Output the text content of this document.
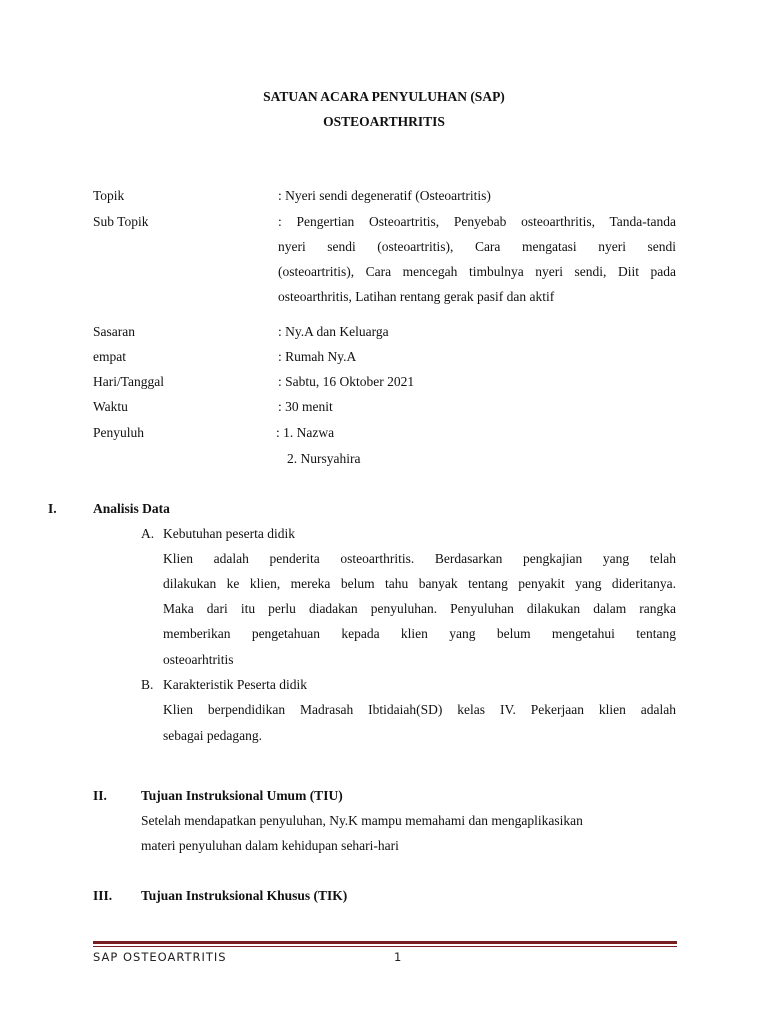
SATUAN ACARA PENYULUHAN (SAP)
OSTEOARTHRITIS
Topik	: Nyeri sendi degeneratif (Osteoartritis)
Sub Topik	: Pengertian Osteoartritis, Penyebab osteoarthritis, Tanda-tanda
nyeri sendi (osteoartritis), Cara mengatasi nyeri sendi
(osteoartritis), Cara mencegah timbulnya nyeri sendi, Diit pada
osteoarthritis, Latihan rentang gerak pasif dan aktif
Sasaran	: Ny.A dan Keluarga
empat	: Rumah Ny.A
Hari/Tanggal	: Sabtu, 16 Oktober 2021
Waktu	: 30 menit
Penyuluh	: 1. Nazwa
2. Nursyahira
I.	Analisis Data
A. Kebutuhan peserta didik
Klien adalah penderita osteoarthritis. Berdasarkan pengkajian yang telah
dilakukan ke klien, mereka belum tahu banyak tentang penyakit yang dideritanya.
Maka dari itu perlu diadakan penyuluhan. Penyuluhan dilakukan dalam rangka
memberikan pengetahuan kepada klien yang belum mengetahui tentang
osteoarhtritis
B. Karakteristik Peserta didik
Klien berpendidikan Madrasah Ibtidaiah(SD) kelas IV. Pekerjaan klien adalah
sebagai pedagang.
II.	Tujuan Instruksional Umum (TIU)
Setelah mendapatkan penyuluhan, Ny.K mampu memahami dan mengaplikasikan
materi penyuluhan dalam kehidupan sehari-hari
III. Tujuan Instruksional Khusus (TIK)
SAP OSTEOARTRITIS	1
